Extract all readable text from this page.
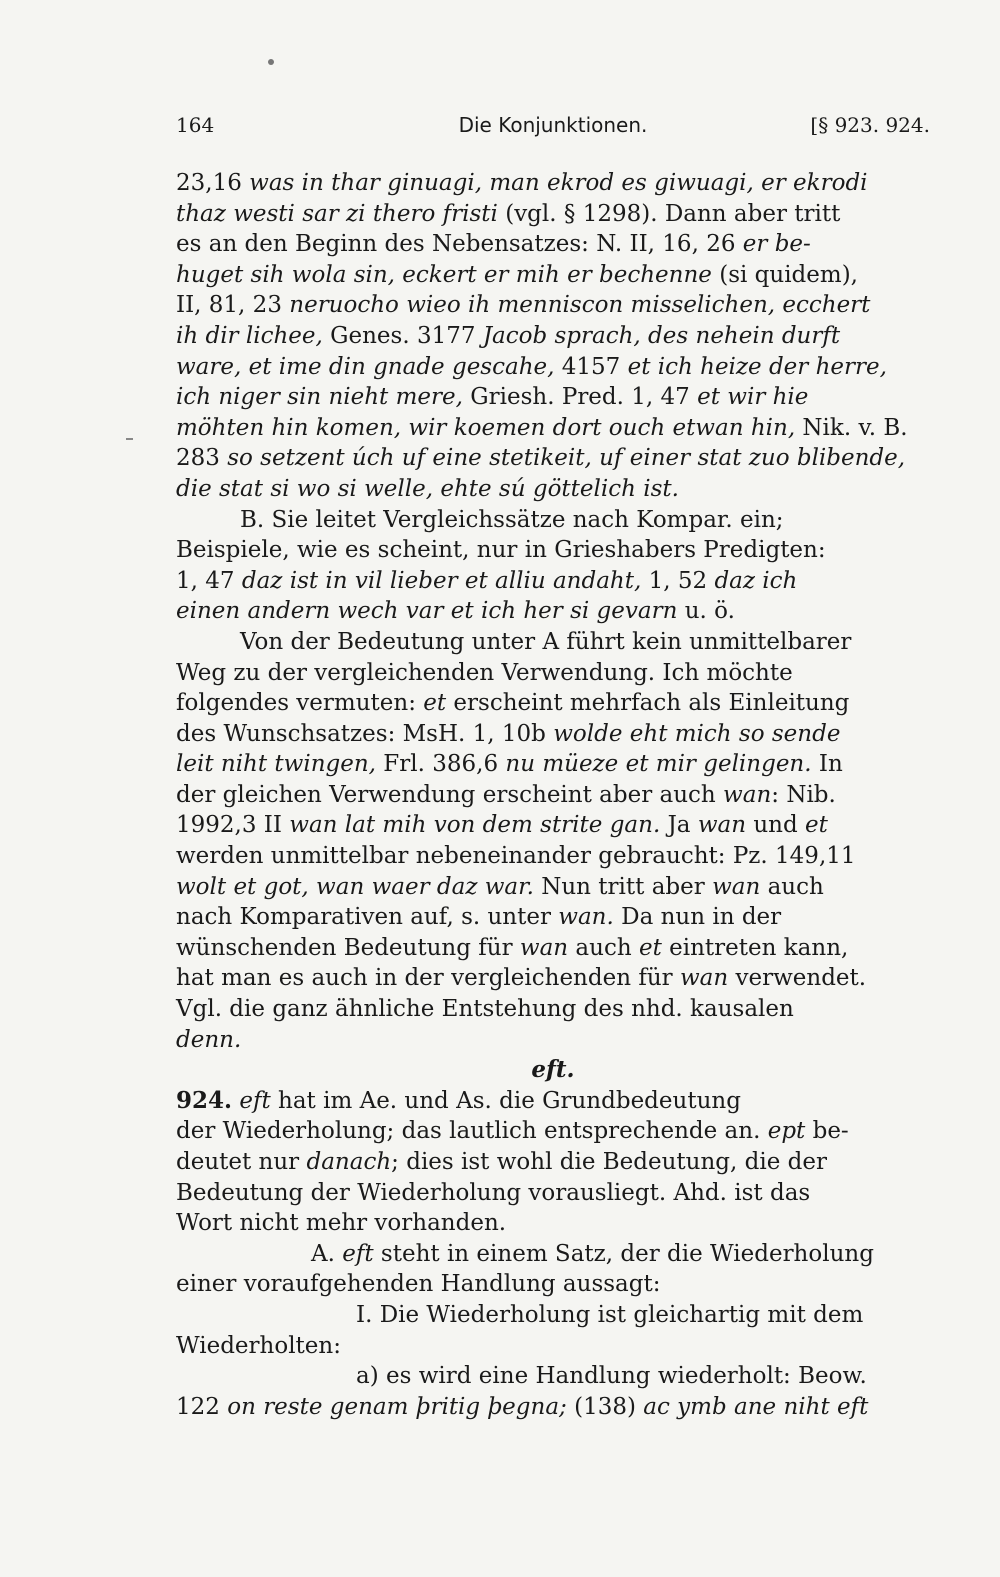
Die Konjunktionen.
164	[§ 923. 924.
23,16 was in thar ginuagi, man ekrod es giwuagi, er ekrodi
thaz westi sar zi thero fristi (vgl. § 1298). Dann aber tritt
es an den Beginn des Nebensatzes: N. II, 16, 26 er be-
huget sih wola sin, eckert er mih er bechenne (si quidem),
II, 81, 23 neruocho wieo ih menniscon misselichen, ecchert
ih dir lichee, Genes. 3177 Jacob sprach, des nehein durft
ware, et ime din gnade gescahe, 4157 et ich heize der herre,
ich niger sin nieht mere, Griesh. Pred. 1, 47 et wir hie
möhten hin komen, wir koemen dort ouch etwan hin, Nik. v. B.
283 so setzent úch uf eine stetikeit, uf einer stat zuo blibende,
die stat si wo si welle, ehte sú göttelich ist.
B. Sie leitet Vergleichssätze nach Kompar. ein;
Beispiele, wie es scheint, nur in Grieshabers Predigten:
1, 47 daz ist in vil lieber et alliu andaht, 1, 52 daz ich
einen andern wech var et ich her si gevarn u. ö.
Von der Bedeutung unter A führt kein unmittelbarer
Weg zu der vergleichenden Verwendung. Ich möchte
folgendes vermuten: et erscheint mehrfach als Einleitung
des Wunschsatzes: MsH. 1, 10b wolde eht mich so sende
leit niht twingen, Frl. 386,6 nu müeze et mir gelingen. In
der gleichen Verwendung erscheint aber auch wan : Nib.
1992,3 II wan lat mih von dem strite gan. Ja wan und et
werden unmittelbar nebeneinander gebraucht: Pz. 149,11
wolt et got, wan waer daz war. Nun tritt aber wan auch
nach Komparativen auf, s. unter wan. Da nun in der
wünschenden Bedeutung für wan auch et eintreten kann,
hat man es auch in der vergleichenden für wan verwendet.
Vgl. die ganz ähnliche Entstehung des nhd. kausalen
denn.
eft.
924.
eft hat im Ae. und As. die Grundbedeutung
der Wiederholung; das lautlich entsprechende an. ept be-
deutet nur danach ; dies ist wohl die Bedeutung, die der
Bedeutung der Wiederholung vorausliegt. Ahd. ist das
Wort nicht mehr vorhanden.
A. eft steht in einem Satz, der die Wiederholung
einer voraufgehenden Handlung aussagt:
I. Die Wiederholung ist gleichartig mit dem
Wiederholten:
a) es wird eine Handlung wiederholt: Beow.
122 on reste genam þritig þegna; (138) ac ymb ane niht eft
